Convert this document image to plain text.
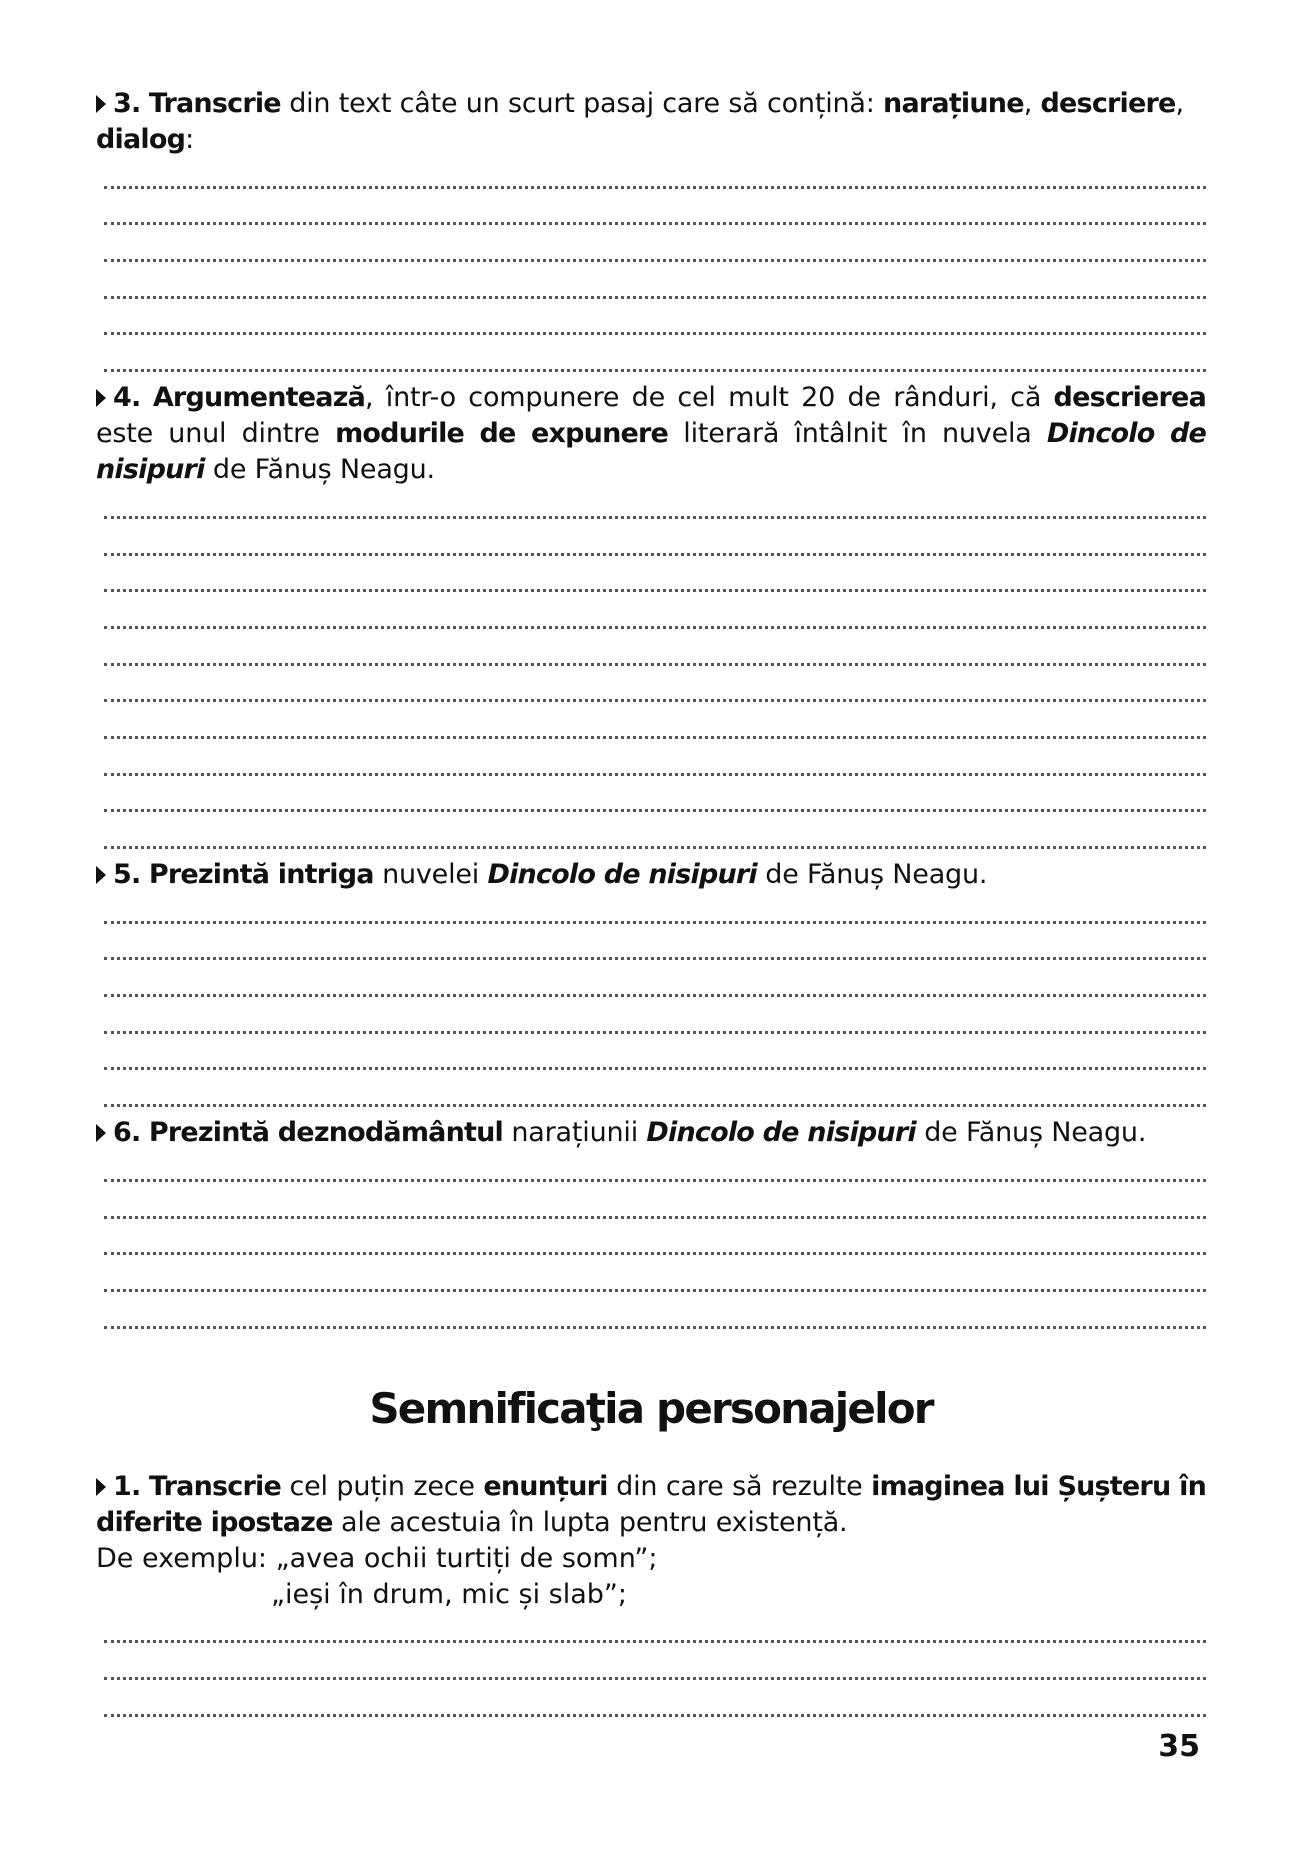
3. Transcrie din text câte un scurt pasaj care să conțină: narațiune, descriere, dialog:

4. Argumentează, într-o compunere de cel mult 20 de rânduri, că descrierea este unul dintre modurile de expunere literară întâlnit în nuvela Dincolo de nisipuri de Fănuș Neagu.

5. Prezintă intriga nuvelei Dincolo de nisipuri de Fănuș Neagu.

6. Prezintă deznodământul narațiunii Dincolo de nisipuri de Fănuș Neagu.

Semnificaţia personajelor

1. Transcrie cel puțin zece enunțuri din care să rezulte imaginea lui Șușteru în diferite ipostaze ale acestuia în lupta pentru existență.

De exemplu: „avea ochii turtiți de somn”;

„ieși în drum, mic și slab”;

35
